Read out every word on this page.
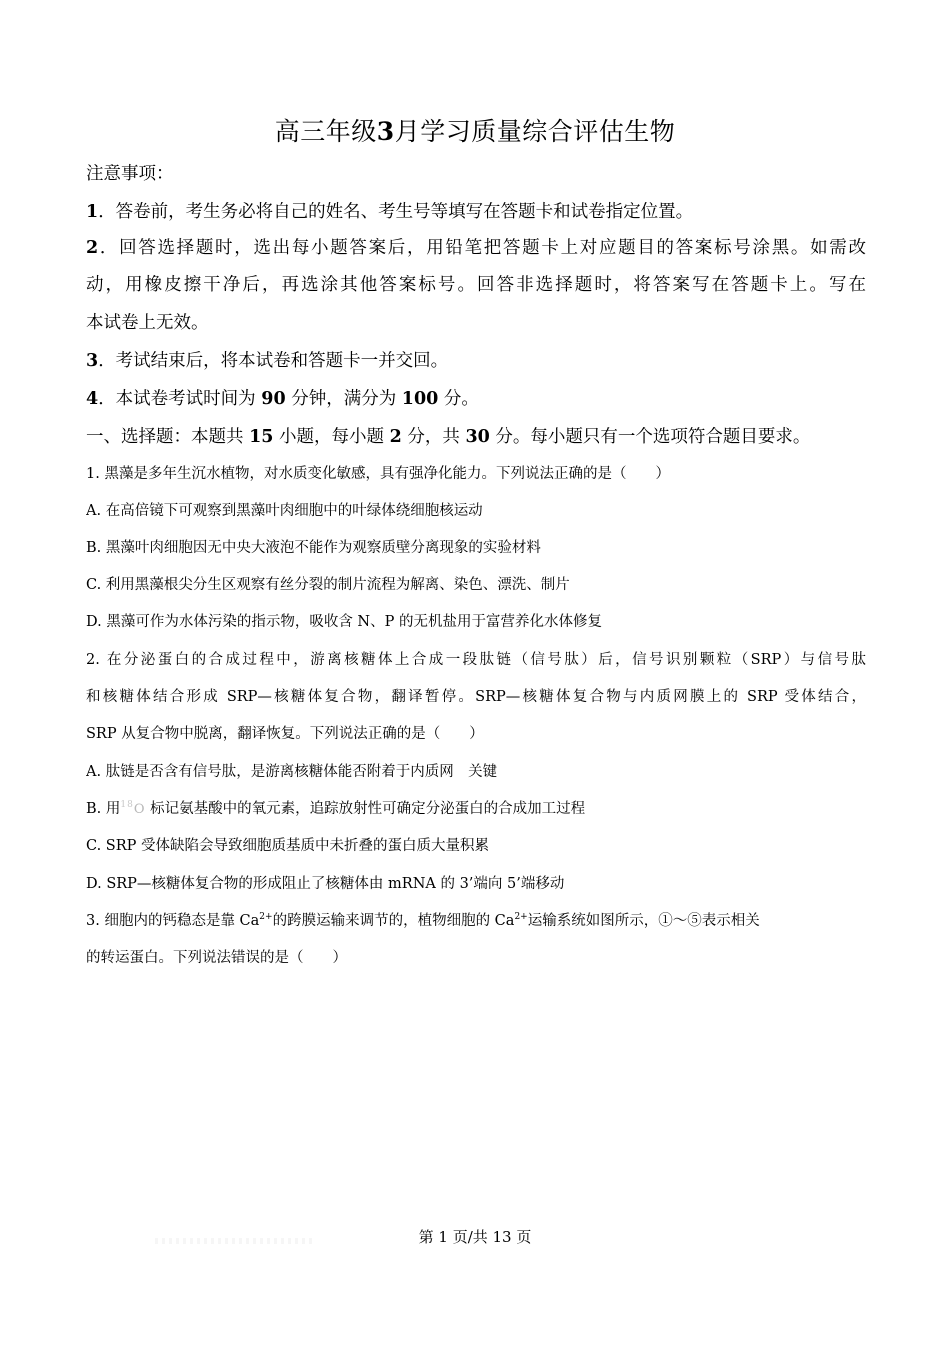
高三年级3月学习质量综合评估生物
注意事项：
1．答卷前，考生务必将自己的姓名、考生号等填写在答题卡和试卷指定位置。
2．回答选择题时，选出每小题答案后，用铅笔把答题卡上对应题目的答案标号涂黑。如需改
动，用橡皮擦干净后，再选涂其他答案标号。回答非选择题时，将答案写在答题卡上。写在
本试卷上无效。
3．考试结束后，将本试卷和答题卡一并交回。
4．本试卷考试时间为 90 分钟，满分为 100 分。
一、选择题：本题共 15 小题，每小题 2 分，共 30 分。每小题只有一个选项符合题目要求。
1. 黑藻是多年生沉水植物，对水质变化敏感，具有强净化能力。下列说法正确的是（　　）
A. 在高倍镜下可观察到黑藻叶肉细胞中的叶绿体绕细胞核运动
B. 黑藻叶肉细胞因无中央大液泡不能作为观察质壁分离现象的实验材料
C. 利用黑藻根尖分生区观察有丝分裂的制片流程为解离、染色、漂洗、制片
D. 黑藻可作为水体污染的指示物，吸收含 N、P 的无机盐用于富营养化水体修复
2. 在分泌蛋白的合成过程中，游离核糖体上合成一段肽链（信号肽）后，信号识别颗粒（SRP）与信号肽
和核糖体结合形成 SRP—核糖体复合物，翻译暂停。SRP—核糖体复合物与内质网膜上的 SRP 受体结合，
SRP 从复合物中脱离，翻译恢复。下列说法正确的是（　　）
A. 肽链是否含有信号肽，是游离核糖体能否附着于内质网　关键
B. 用$^{18}$O 标记氨基酸中的氧元素，追踪放射性可确定分泌蛋白的合成加工过程
C. SRP 受体缺陷会导致细胞质基质中未折叠的蛋白质大量积累
D. SRP—核糖体复合物的形成阻止了核糖体由 mRNA 的 3’端向 5’端移动
3. 细胞内的钙稳态是靠 $Ca^{2+}$的跨膜运输来调节的，植物细胞的 $Ca^{2+}$运输系统如图所示，①～⑤表示相关
的转运蛋白。下列说法错误的是（　　）
第 1 页/共 13 页
